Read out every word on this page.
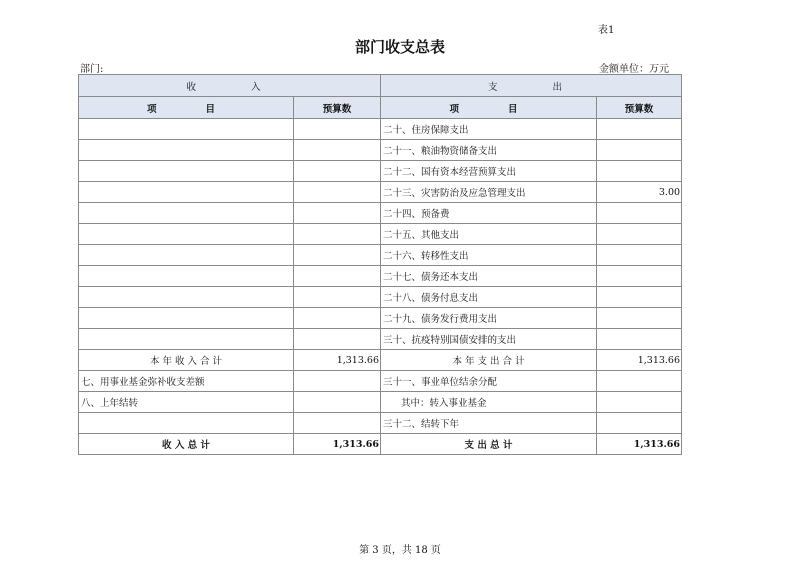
表1
部门收支总表
部门:	金额单位：万元
收　　入		支　　出	
项　　目	预算数	项　　目	预算数
		二十、住房保障支出	
		二十一、粮油物资储备支出	
		二十二、国有资本经营预算支出	
		二十三、灾害防治及应急管理支出	3.00
		二十四、预备费	
		二十五、其他支出	
		二十六、转移性支出	
		二十七、债务还本支出	
		二十八、债务付息支出	
		二十九、债务发行费用支出	
		三十、抗疫特别国债安排的支出	
本 年 收 入 合 计	1,313.66	本 年 支 出 合 计	1,313.66
七、用事业基金弥补收支差额		三十一、事业单位结余分配	
八、上年结转		其中：转入事业基金	
		三十二、结转下年	
收 入 总 计	1,313.66	支 出 总 计	1,313.66
第 3 页，共 18 页
